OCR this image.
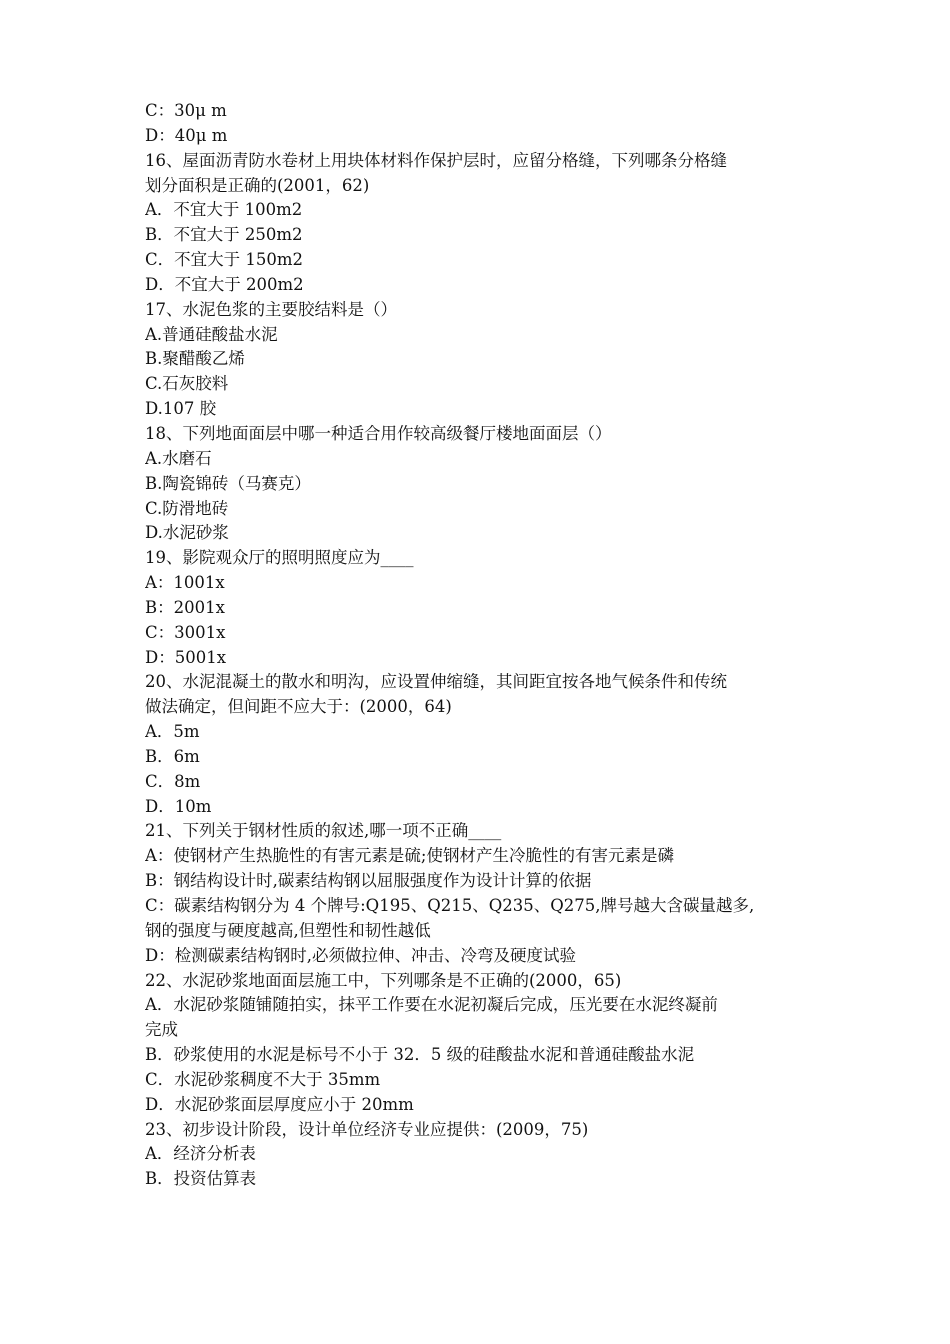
C：30μ m
D：40μ m
16、屋面沥青防水卷材上用块体材料作保护层时，应留分格缝，下列哪条分格缝
划分面积是正确的(2001，62)
A．不宜大于 100m2
B．不宜大于 250m2
C．不宜大于 150m2
D．不宜大于 200m2
17、水泥色浆的主要胶结料是（）
A.普通硅酸盐水泥
B.聚醋酸乙烯
C.石灰胶料
D.107 胶
18、下列地面面层中哪一种适合用作较高级餐厅楼地面面层（）
A.水磨石
B.陶瓷锦砖（马赛克）
C.防滑地砖
D.水泥砂浆
19、影院观众厅的照明照度应为____
A：1001x
B：2001x
C：3001x
D：5001x
20、水泥混凝土的散水和明沟，应设置伸缩缝，其间距宜按各地气候条件和传统
做法确定，但间距不应大于：(2000，64)
A．5m
B．6m
C．8m
D．10m
21、下列关于钢材性质的叙述,哪一项不正确____
A：使钢材产生热脆性的有害元素是硫;使钢材产生冷脆性的有害元素是磷
B：钢结构设计时,碳素结构钢以屈服强度作为设计计算的依据
C：碳素结构钢分为 4 个牌号:Q195、Q215、Q235、Q275,牌号越大含碳量越多,
钢的强度与硬度越高,但塑性和韧性越低
D：检测碳素结构钢时,必须做拉伸、冲击、冷弯及硬度试验
22、水泥砂浆地面面层施工中，下列哪条是不正确的(2000，65)
A．水泥砂浆随铺随拍实，抹平工作要在水泥初凝后完成，压光要在水泥终凝前
完成
B．砂浆使用的水泥是标号不小于 32．5 级的硅酸盐水泥和普通硅酸盐水泥
C．水泥砂浆稠度不大于 35mm
D．水泥砂浆面层厚度应小于 20mm
23、初步设计阶段，设计单位经济专业应提供：(2009，75)
A．经济分析表
B．投资估算表
